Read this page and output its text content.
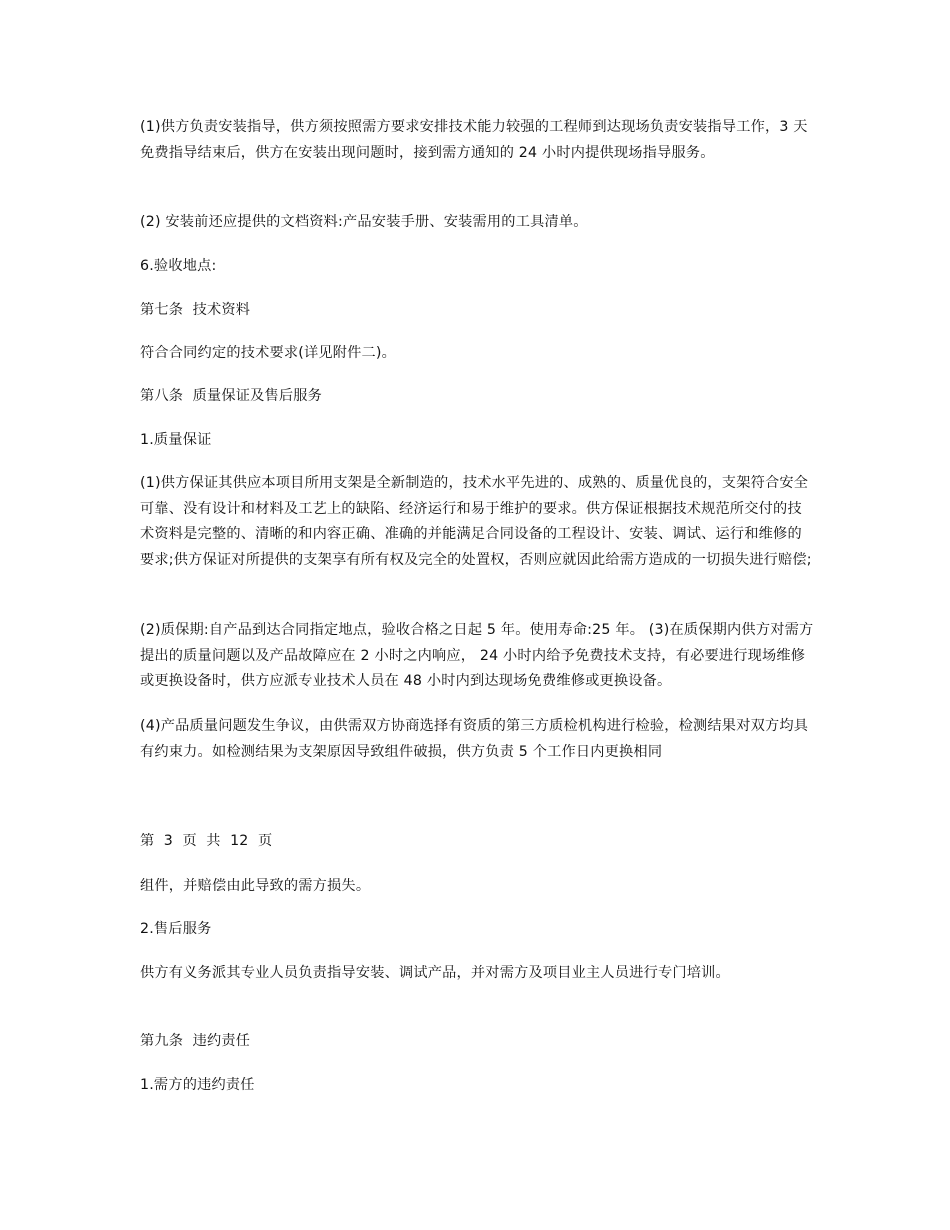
(1)供方负责安装指导，供方须按照需方要求安排技术能力较强的工程师到达现场负责安装指导工作，3 天免费指导结束后，供方在安装出现问题时，接到需方通知的 24 小时内提供现场指导服务。

(2) 安装前还应提供的文档资料:产品安装手册、安装需用的工具清单。

6.验收地点:

第七条  技术资料

符合合同约定的技术要求(详见附件二)。

第八条  质量保证及售后服务

1.质量保证

(1)供方保证其供应本项目所用支架是全新制造的，技术水平先进的、成熟的、质量优良的，支架符合安全可靠、没有设计和材料及工艺上的缺陷、经济运行和易于维护的要求。供方保证根据技术规范所交付的技术资料是完整的、清晰的和内容正确、准确的并能满足合同设备的工程设计、安装、调试、运行和维修的要求;供方保证对所提供的支架享有所有权及完全的处置权，否则应就因此给需方造成的一切损失进行赔偿;

(2)质保期:自产品到达合同指定地点，验收合格之日起 5 年。使用寿命:25 年。 (3)在质保期内供方对需方提出的质量问题以及产品故障应在 2 小时之内响应， 24 小时内给予免费技术支持，有必要进行现场维修或更换设备时，供方应派专业技术人员在 48 小时内到达现场免费维修或更换设备。

(4)产品质量问题发生争议，由供需双方协商选择有资质的第三方质检机构进行检验，检测结果对双方均具有约束力。如检测结果为支架原因导致组件破损，供方负责 5 个工作日内更换相同

第  3  页  共  12  页

组件，并赔偿由此导致的需方损失。

2.售后服务

供方有义务派其专业人员负责指导安装、调试产品，并对需方及项目业主人员进行专门培训。

第九条  违约责任

1.需方的违约责任
